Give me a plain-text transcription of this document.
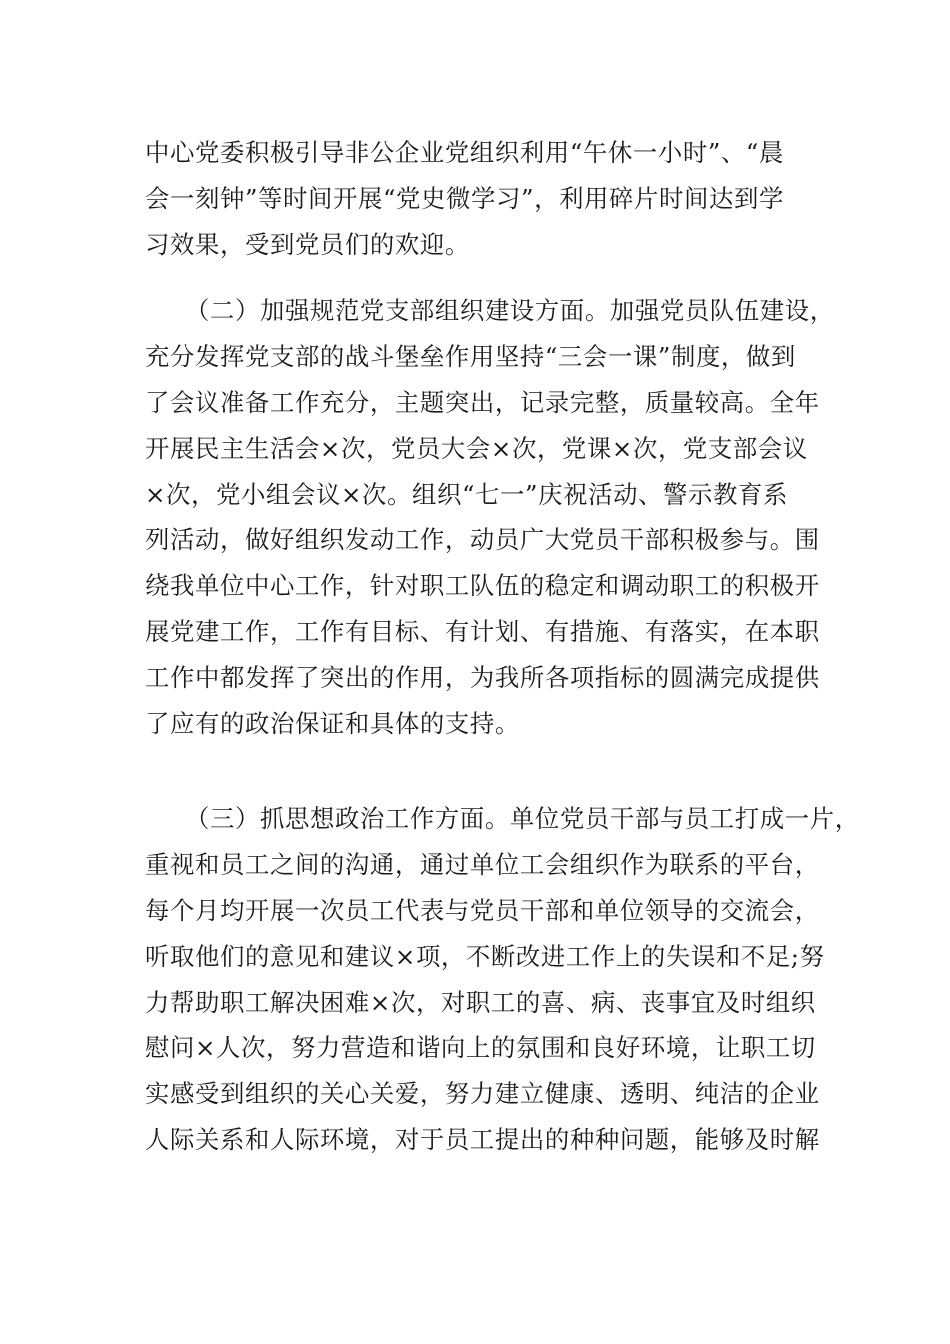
中心党委积极引导非公企业党组织利用“午休一小时”、“晨
会一刻钟”等时间开展“党史微学习”，利用碎片时间达到学
习效果，受到党员们的欢迎。
（二）加强规范党支部组织建设方面。加强党员队伍建设，
充分发挥党支部的战斗堡垒作用坚持“三会一课”制度，做到
了会议准备工作充分，主题突出，记录完整，质量较高。全年
开展民主生活会×次，党员大会×次，党课×次，党支部会议
×次，党小组会议×次。组织“七一”庆祝活动、警示教育系
列活动，做好组织发动工作，动员广大党员干部积极参与。围
绕我单位中心工作，针对职工队伍的稳定和调动职工的积极开
展党建工作，工作有目标、有计划、有措施、有落实，在本职
工作中都发挥了突出的作用，为我所各项指标的圆满完成提供
了应有的政治保证和具体的支持。
（三）抓思想政治工作方面。单位党员干部与员工打成一片，
重视和员工之间的沟通，通过单位工会组织作为联系的平台，
每个月均开展一次员工代表与党员干部和单位领导的交流会，
听取他们的意见和建议×项，不断改进工作上的失误和不足;努
力帮助职工解决困难×次，对职工的喜、病、丧事宜及时组织
慰问×人次，努力营造和谐向上的氛围和良好环境，让职工切
实感受到组织的关心关爱，努力建立健康、透明、纯洁的企业
人际关系和人际环境，对于员工提出的种种问题，能够及时解
